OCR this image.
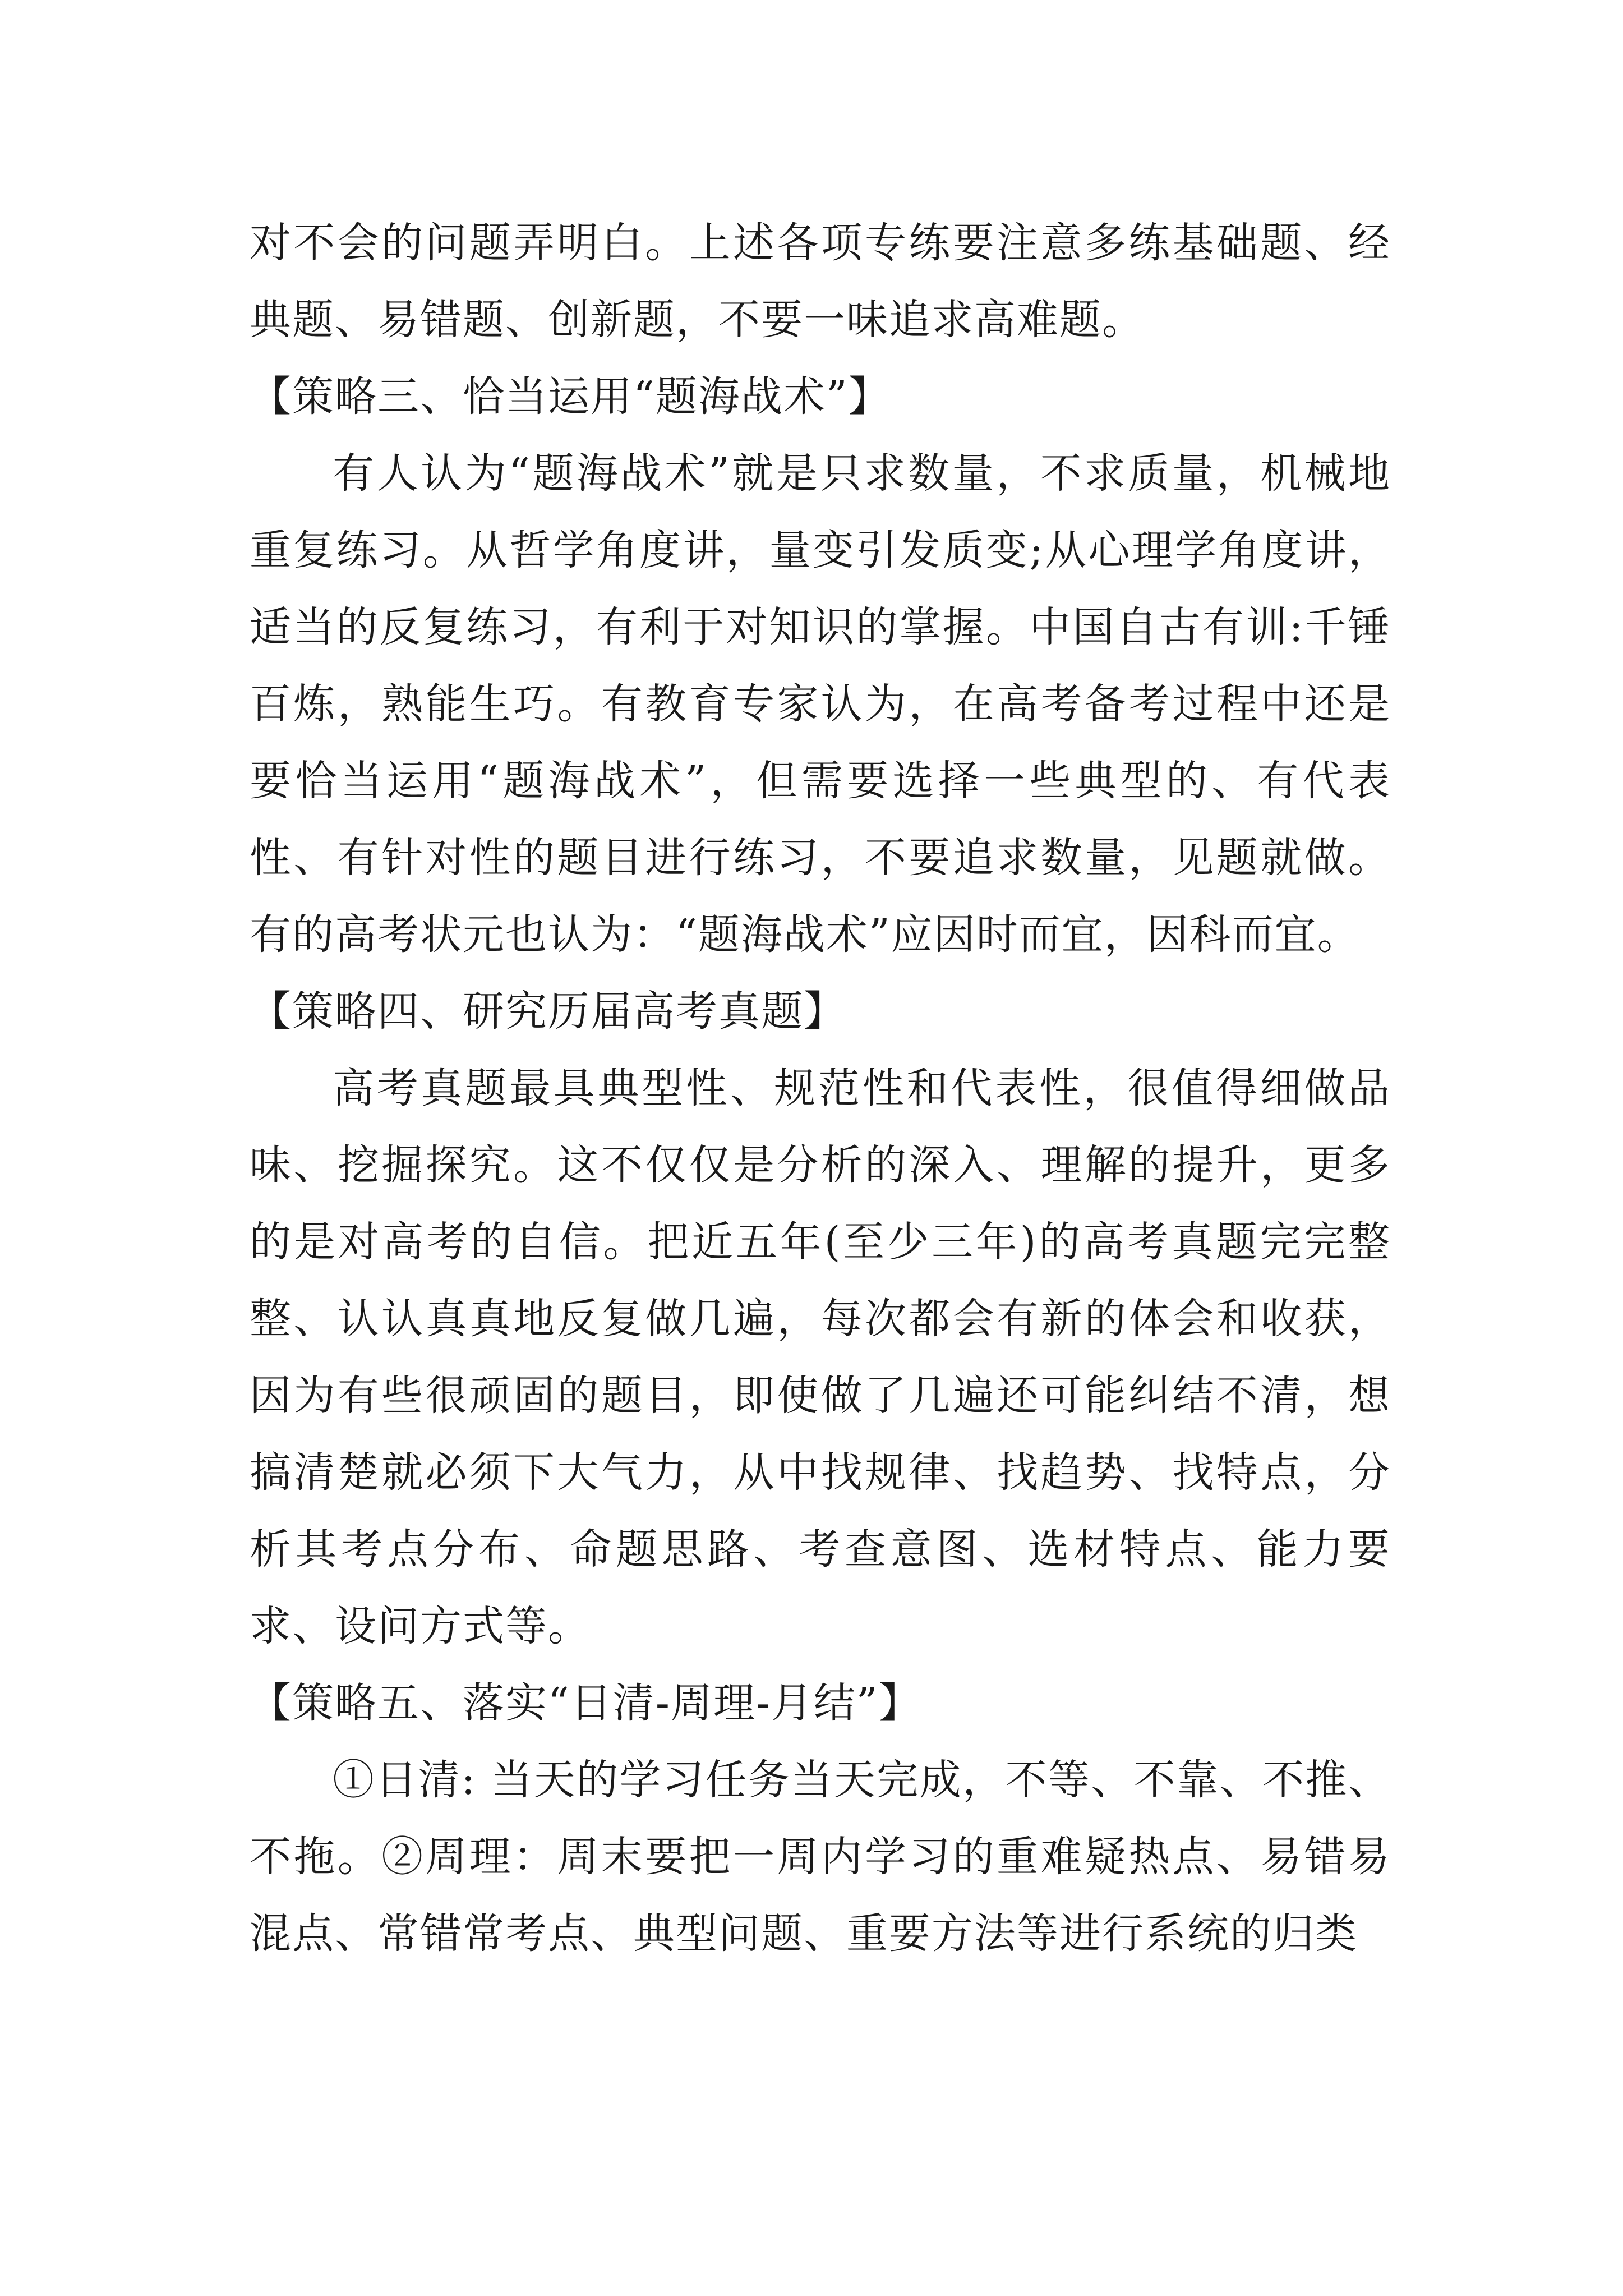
对不会的问题弄明白。上述各项专练要注意多练基础题、经典题、易错题、创新题，不要一味追求高难题。

【策略三、恰当运用“题海战术”】

有人认为“题海战术”就是只求数量，不求质量，机械地重复练习。从哲学角度讲，量变引发质变;从心理学角度讲，适当的反复练习，有利于对知识的掌握。中国自古有训:千锤百炼，熟能生巧。有教育专家认为，在高考备考过程中还是要恰当运用“题海战术”，但需要选择一些典型的、有代表性、有针对性的题目进行练习，不要追求数量，见题就做。有的高考状元也认为：“题海战术”应因时而宜，因科而宜。

【策略四、研究历届高考真题】

高考真题最具典型性、规范性和代表性，很值得细做品味、挖掘探究。这不仅仅是分析的深入、理解的提升，更多的是对高考的自信。把近五年(至少三年)的高考真题完完整整、认认真真地反复做几遍，每次都会有新的体会和收获，因为有些很顽固的题目，即使做了几遍还可能纠结不清，想搞清楚就必须下大气力，从中找规律、找趋势、找特点，分析其考点分布、命题思路、考查意图、选材特点、能力要求、设问方式等。

【策略五、落实“日清-周理-月结”】

①日清: 当天的学习任务当天完成，不等、不靠、不推、不拖。②周理：周末要把一周内学习的重难疑热点、易错易混点、常错常考点、典型问题、重要方法等进行系统的归类
